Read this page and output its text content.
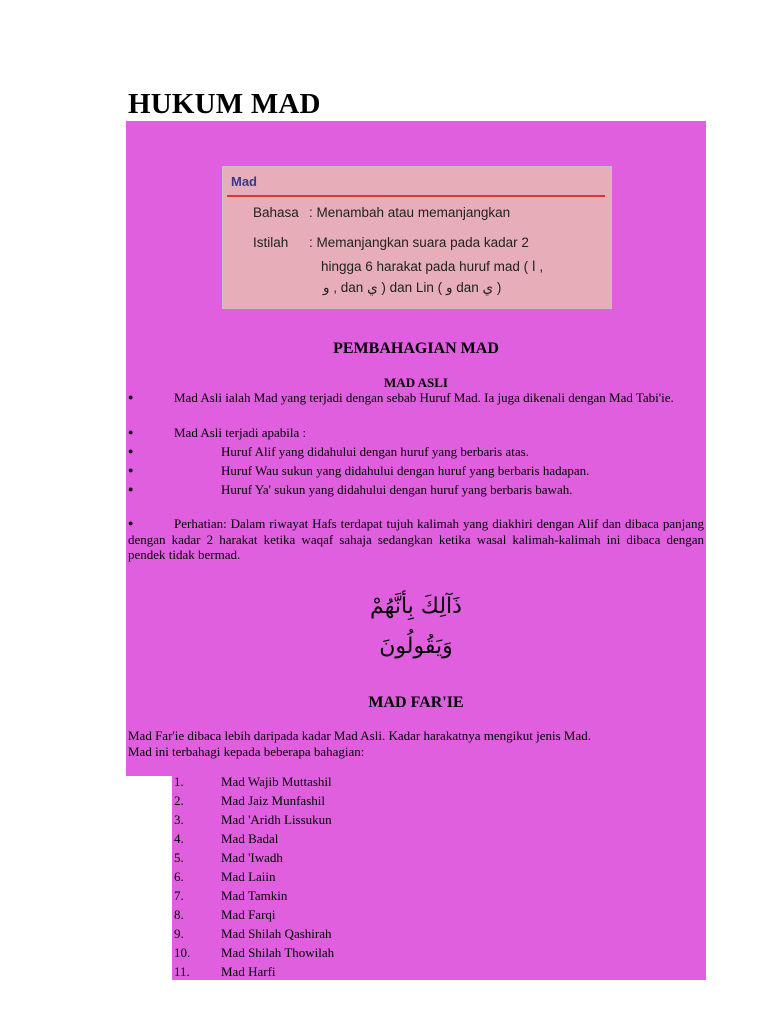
HUKUM MAD
Mad
Bahasa : Menambah atau memanjangkan
Istilah : Memanjangkan suara pada kadar 2
hingga 6 harakat pada huruf mad ( ا ,
و , dan ي ) dan Lin ( و dan ي )
PEMBAHAGIAN MAD
MAD ASLI
●	Mad Asli ialah Mad yang terjadi dengan sebab Huruf Mad. Ia juga dikenali dengan Mad Tabi'ie.

●	Mad Asli terjadi apabila :
●	Huruf Alif yang didahului dengan huruf yang berbaris atas.
●	Huruf Wau sukun yang didahului dengan huruf yang berbaris hadapan.
●	Huruf Ya' sukun yang didahului dengan huruf yang berbaris bawah.
●	Perhatian: Dalam riwayat Hafs terdapat tujuh kalimah yang diakhiri dengan Alif dan dibaca panjang dengan kadar 2 harakat ketika waqaf sahaja sedangkan ketika wasal kalimah-kalimah ini dibaca dengan pendek tidak bermad.

ذَآلِكَ بِأنَّهُمْ
وَيَقُولُونَ
MAD FAR'IE

Mad Far'ie dibaca lebih daripada kadar Mad Asli. Kadar harakatnya mengikut jenis Mad.

Mad ini terbahagi kepada beberapa bahagian:

1.	Mad Wajib Muttashil
2.	Mad Jaiz Munfashil
3.	Mad 'Aridh Lissukun
4.	Mad Badal
5.	Mad 'Iwadh
6.	Mad Laiin
7.	Mad Tamkin
8.	Mad Farqi
9.	Mad Shilah Qashirah
10. Mad Shilah Thowilah
11. Mad Harfi
